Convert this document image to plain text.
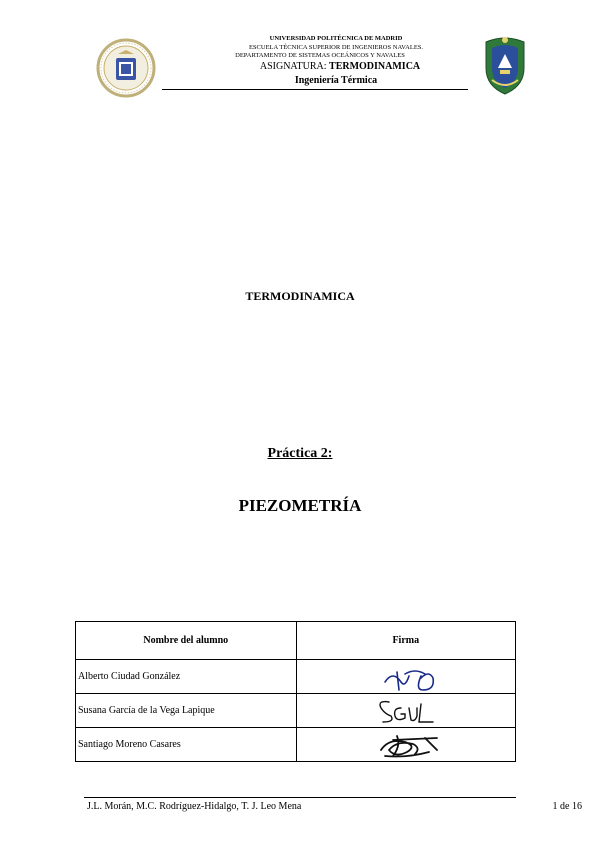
UNIVERSIDAD POLITÉCNICA DE MADRID
ESCUELA TÉCNICA SUPERIOR DE INGENIEROS NAVALES.
DEPARTAMENTO DE SISTEMAS OCEÁNICOS Y NAVALES
ASIGNATURA: TERMODINAMICA
Ingeniería Térmica
TERMODINAMICA
Práctica 2:
PIEZOMETRÍA
Nombre del alumno	Firma
Alberto Ciudad González	

Susana García de la Vega Lapique	

Santiago Moreno Casares	
J.L. Morán, M.C. Rodríguez-Hidalgo, T. J. Leo Mena	1 de 16
